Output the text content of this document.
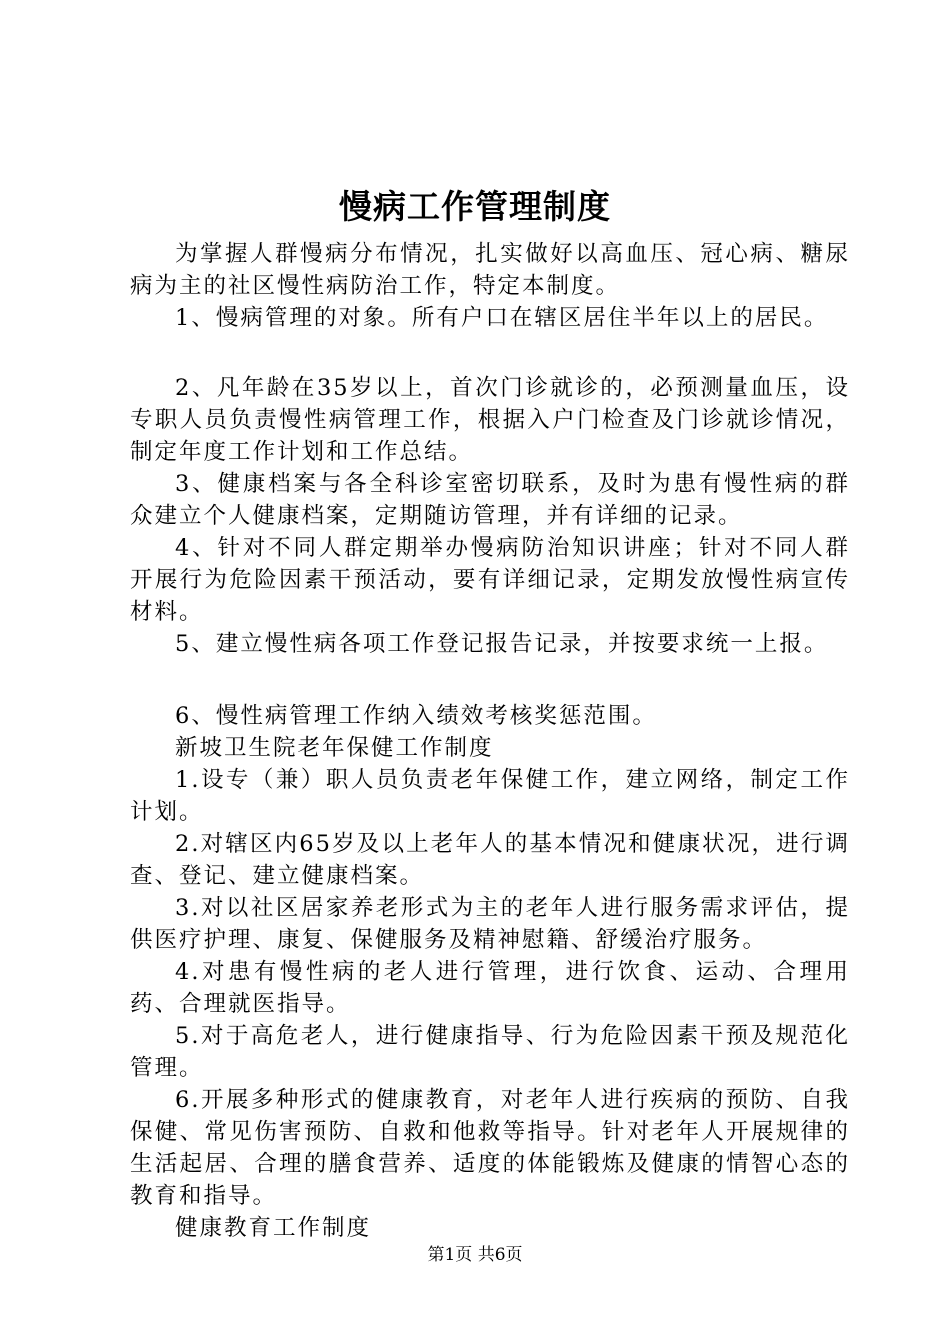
慢病工作管理制度

为掌握人群慢病分布情况，扎实做好以高血压、冠心病、糖尿病为主的社区慢性病防治工作，特定本制度。

1、慢病管理的对象。所有户口在辖区居住半年以上的居民。

2、凡年龄在35岁以上，首次门诊就诊的，必预测量血压，设专职人员负责慢性病管理工作，根据入户门检查及门诊就诊情况，制定年度工作计划和工作总结。

3、健康档案与各全科诊室密切联系，及时为患有慢性病的群众建立个人健康档案，定期随访管理，并有详细的记录。

4、针对不同人群定期举办慢病防治知识讲座；针对不同人群开展行为危险因素干预活动，要有详细记录，定期发放慢性病宣传材料。

5、建立慢性病各项工作登记报告记录，并按要求统一上报。

6、慢性病管理工作纳入绩效考核奖惩范围。

新坡卫生院老年保健工作制度

1.设专（兼）职人员负责老年保健工作，建立网络，制定工作计划。

2.对辖区内65岁及以上老年人的基本情况和健康状况，进行调查、登记、建立健康档案。

3.对以社区居家养老形式为主的老年人进行服务需求评估，提供医疗护理、康复、保健服务及精神慰籍、舒缓治疗服务。

4.对患有慢性病的老人进行管理，进行饮食、运动、合理用药、合理就医指导。

5.对于高危老人，进行健康指导、行为危险因素干预及规范化管理。

6.开展多种形式的健康教育，对老年人进行疾病的预防、自我保健、常见伤害预防、自救和他救等指导。针对老年人开展规律的生活起居、合理的膳食营养、适度的体能锻炼及健康的情智心态的教育和指导。

健康教育工作制度

第1页 共6页
